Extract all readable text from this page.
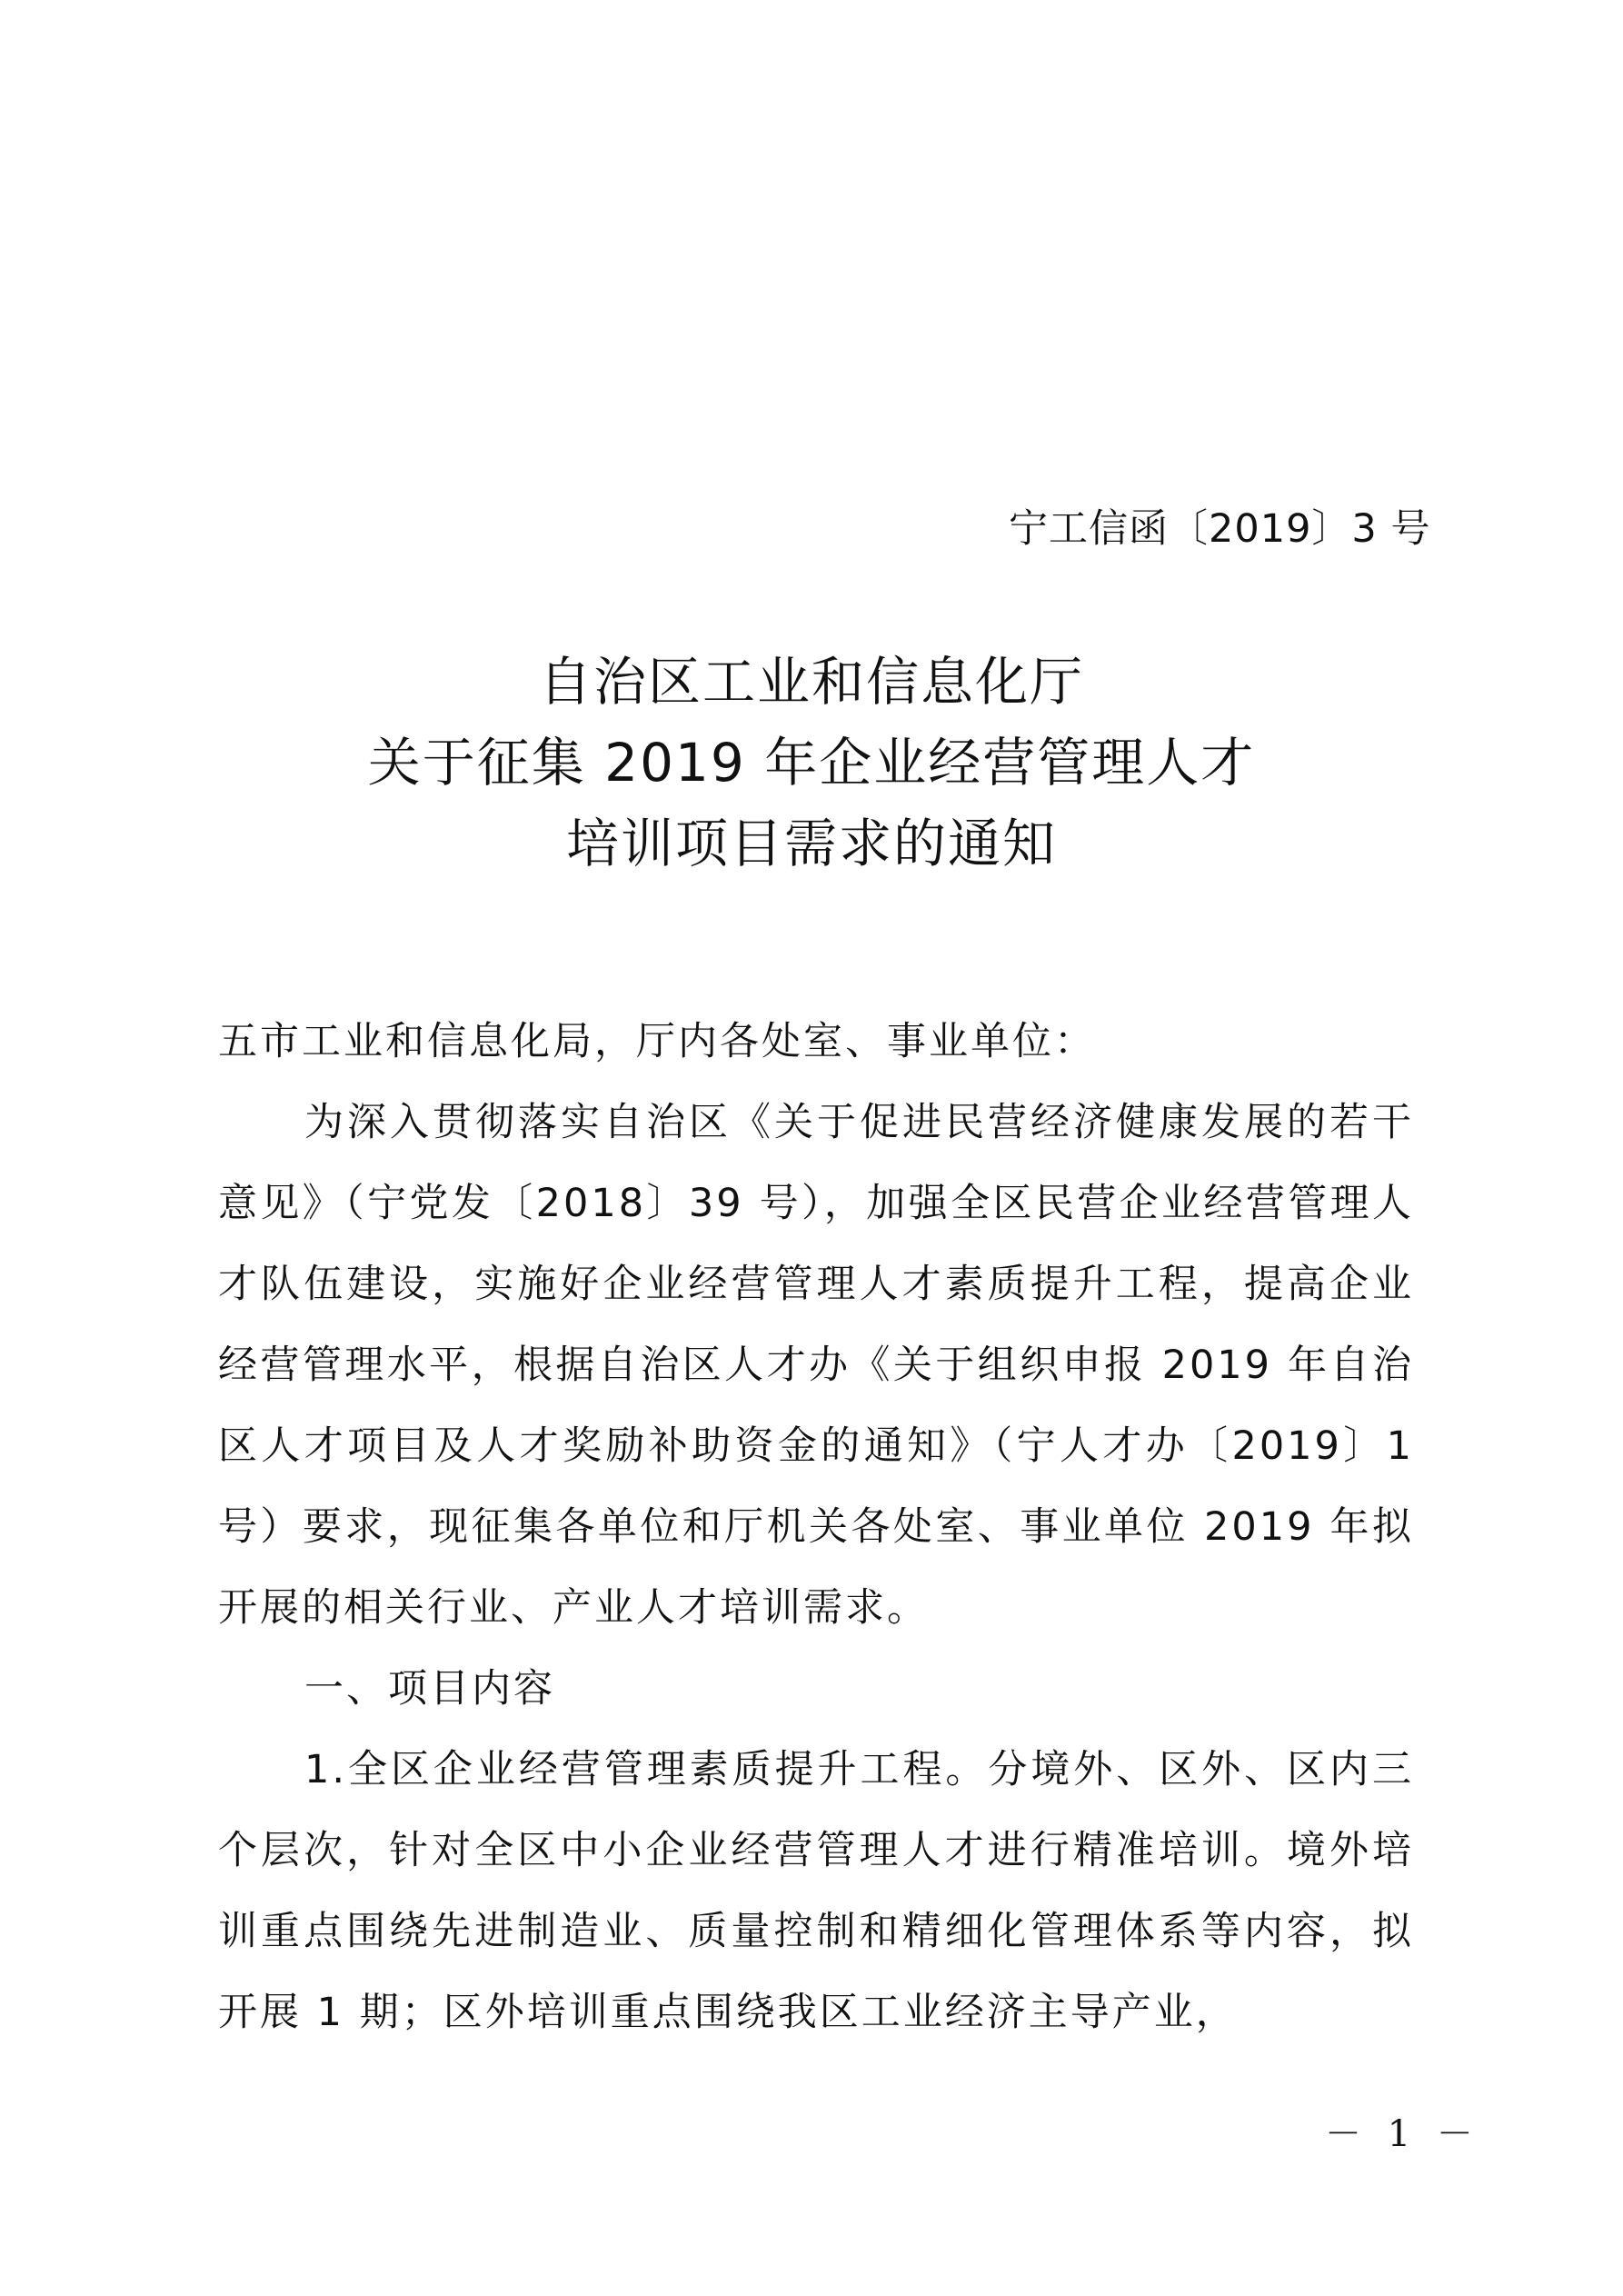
宁工信函〔2019〕3 号
自治区工业和信息化厅
关于征集 2019 年企业经营管理人才
培训项目需求的通知

五市工业和信息化局，厅内各处室、事业单位：

为深入贯彻落实自治区《关于促进民营经济健康发展的若干意见》（宁党发〔2018〕39 号），加强全区民营企业经营管理人才队伍建设，实施好企业经营管理人才素质提升工程，提高企业经营管理水平，根据自治区人才办《关于组织申报 2019 年自治区人才项目及人才奖励补助资金的通知》（宁人才办〔2019〕1 号）要求，现征集各单位和厅机关各处室、事业单位 2019 年拟开展的相关行业、产业人才培训需求。

一、项目内容

1.全区企业经营管理素质提升工程。分境外、区外、区内三个层次，针对全区中小企业经营管理人才进行精准培训。境外培训重点围绕先进制造业、质量控制和精细化管理体系等内容，拟开展 1 期；区外培训重点围绕我区工业经济主导产业，

－ 1 －
